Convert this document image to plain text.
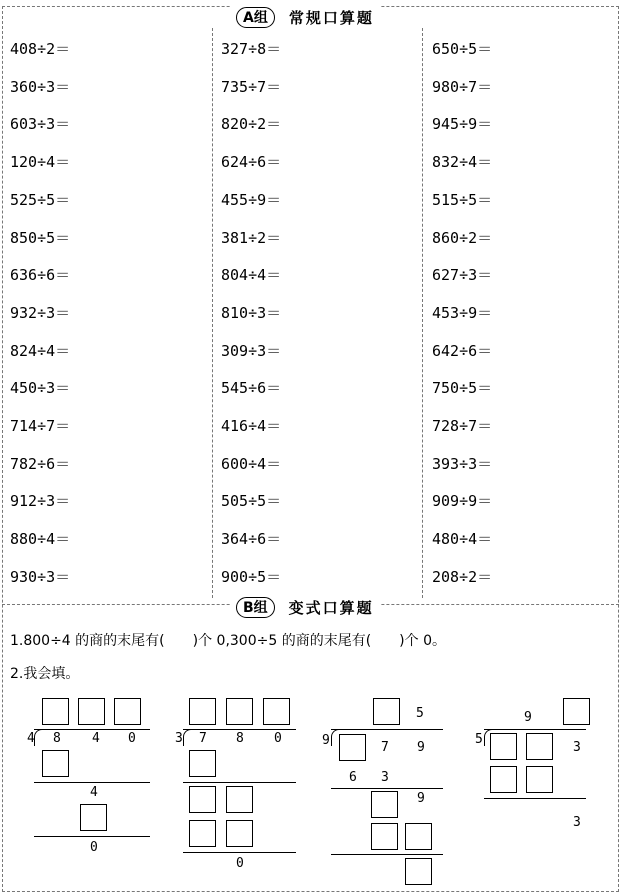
A组	常规口算题
408÷2＝
360÷3＝
603÷3＝
120÷4＝
525÷5＝
850÷5＝
636÷6＝
932÷3＝
824÷4＝
450÷3＝
714÷7＝
782÷6＝
912÷3＝
880÷4＝
930÷3＝
327÷8＝
735÷7＝
820÷2＝
624÷6＝
455÷9＝
381÷2＝
804÷4＝
810÷3＝
309÷3＝
545÷6＝
416÷4＝
600÷4＝
505÷5＝
364÷6＝
900÷5＝
650÷5＝
980÷7＝
945÷9＝
832÷4＝
515÷5＝
860÷2＝
627÷3＝
453÷9＝
642÷6＝
750÷5＝
728÷7＝
393÷3＝
909÷9＝
480÷4＝
208÷2＝
B组	变式口算题
1.800÷4 的商的末尾有(　　)个 0,300÷5 的商的末尾有(　　)个 0。
2.我会填。
4 8 4 0
4
0
3 7 8 0
0
5
9	7 9
6 3
9
9
5
3
3
